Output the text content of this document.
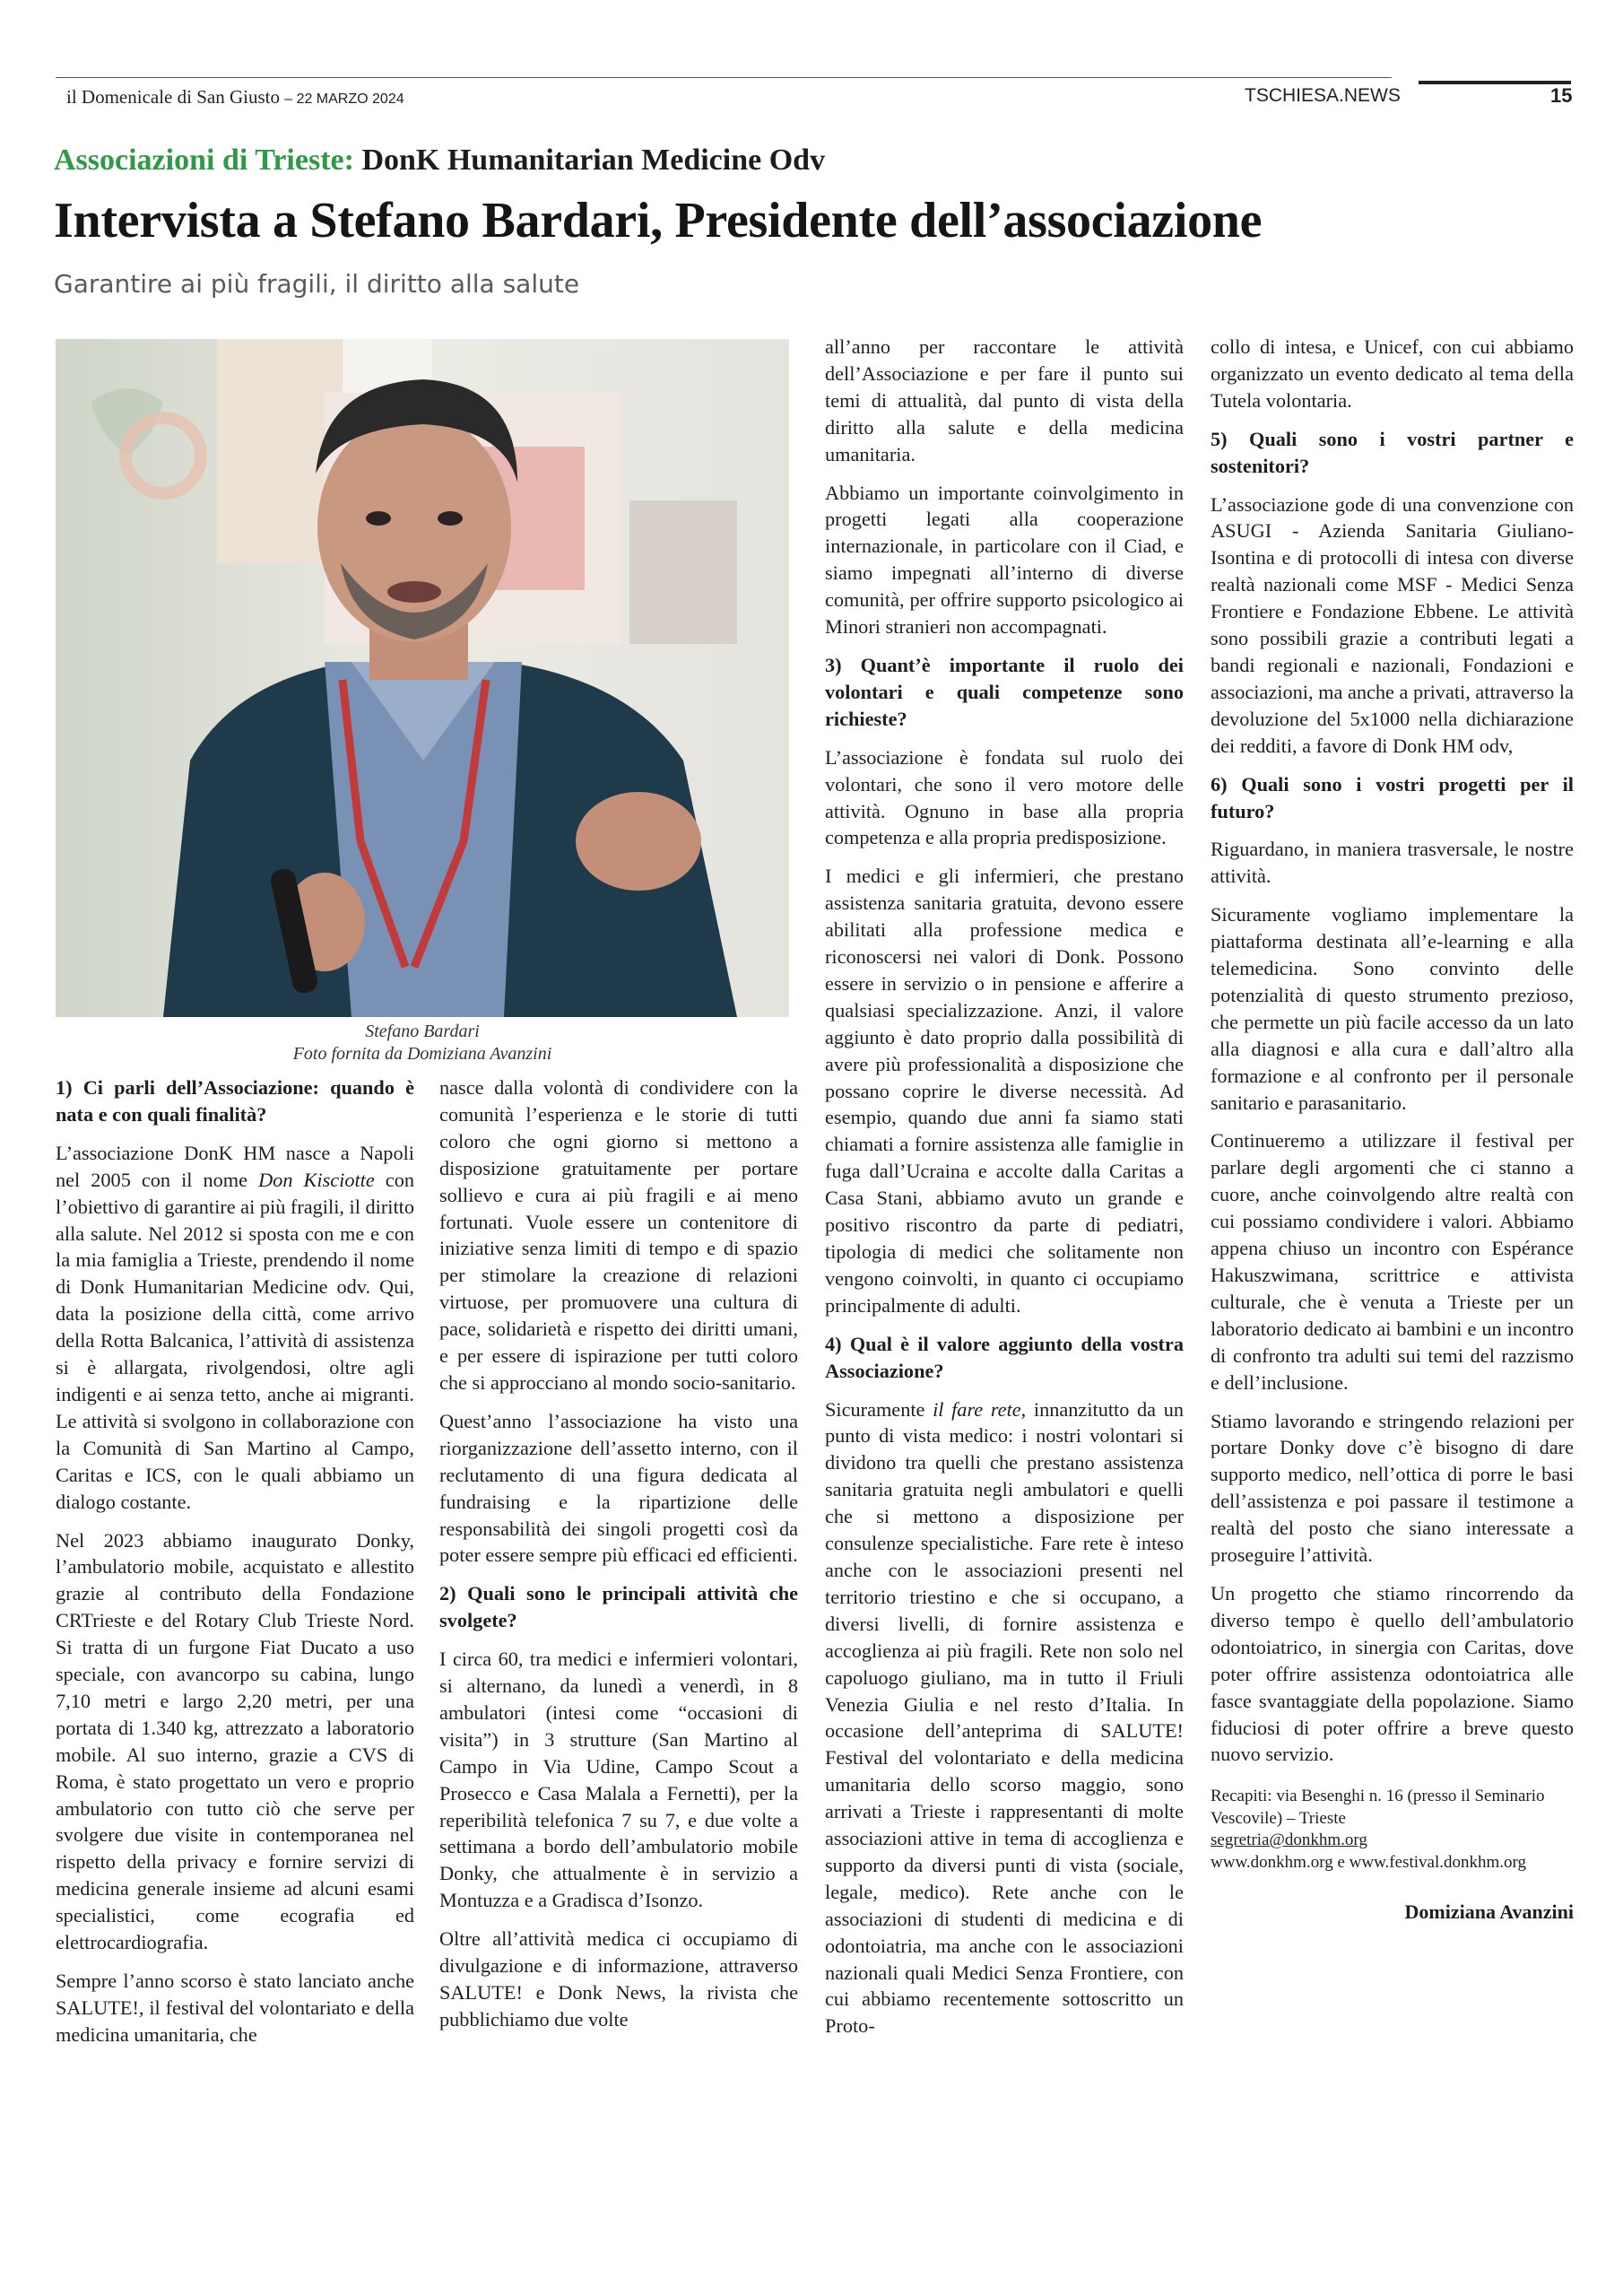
il Domenicale di San Giusto – 22 MARZO 2024	TSCHIESA.NEWS	15
Associazioni di Trieste: DonK Humanitarian Medicine Odv
Intervista a Stefano Bardari, Presidente dell’associazione
Garantire ai più fragili, il diritto alla salute
Stefano Bardari
Foto fornita da Domiziana Avanzini

1) Ci parli dell’Associazione: quando è nata e con quali finalità?

L’associazione DonK HM nasce a Napoli nel 2005 con il nome Don Kisciotte con l’obiettivo di garantire ai più fragili, il diritto alla salute. Nel 2012 si sposta con me e con la mia famiglia a Trieste, prendendo il nome di Donk Humanitarian Medicine odv. Qui, data la posizione della città, come arrivo della Rotta Balcanica, l’attività di assistenza si è allargata, rivolgendosi, oltre agli indigenti e ai senza tetto, anche ai migranti. Le attività si svolgono in collaborazione con la Comunità di San Martino al Campo, Caritas e ICS, con le quali abbiamo un dialogo costante.

Nel 2023 abbiamo inaugurato Donky, l’ambulatorio mobile, acquistato e allestito grazie al contributo della Fondazione CRTrieste e del Rotary Club Trieste Nord. Si tratta di un furgone Fiat Ducato a uso speciale, con avancorpo su cabina, lungo 7,10 metri e largo 2,20 metri, per una portata di 1.340 kg, attrezzato a laboratorio mobile. Al suo interno, grazie a CVS di Roma, è stato progettato un vero e proprio ambulatorio con tutto ciò che serve per svolgere due visite in contemporanea nel rispetto della privacy e fornire servizi di medicina generale insieme ad alcuni esami specialistici, come ecografia ed elettrocardiografia.

Sempre l’anno scorso è stato lanciato anche SALUTE!, il festival del volontariato e della medicina umanitaria, che

nasce dalla volontà di condividere con la comunità l’esperienza e le storie di tutti coloro che ogni giorno si mettono a disposizione gratuitamente per portare sollievo e cura ai più fragili e ai meno fortunati. Vuole essere un contenitore di iniziative senza limiti di tempo e di spazio per stimolare la creazione di relazioni virtuose, per promuovere una cultura di pace, solidarietà e rispetto dei diritti umani, e per essere di ispirazione per tutti coloro che si approcciano al mondo socio-sanitario.

Quest’anno l’associazione ha visto una riorganizzazione dell’assetto interno, con il reclutamento di una figura dedicata al fundraising e la ripartizione delle responsabilità dei singoli progetti così da poter essere sempre più efficaci ed efficienti.

2) Quali sono le principali attività che svolgete?

I circa 60, tra medici e infermieri volontari, si alternano, da lunedì a venerdì, in 8 ambulatori (intesi come “occasioni di visita”) in 3 strutture (San Martino al Campo in Via Udine, Campo Scout a Prosecco e Casa Malala a Fernetti), per la reperibilità telefonica 7 su 7, e due volte a settimana a bordo dell’ambulatorio mobile Donky, che attualmente è in servizio a Montuzza e a Gradisca d’Isonzo.

Oltre all’attività medica ci occupiamo di divulgazione e di informazione, attraverso SALUTE! e Donk News, la rivista che pubblichiamo due volte

all’anno per raccontare le attività dell’Associazione e per fare il punto sui temi di attualità, dal punto di vista della diritto alla salute e della medicina umanitaria.

Abbiamo un importante coinvolgimento in progetti legati alla cooperazione internazionale, in particolare con il Ciad, e siamo impegnati all’interno di diverse comunità, per offrire supporto psicologico ai Minori stranieri non accompagnati.

3) Quant’è importante il ruolo dei volontari e quali competenze sono richieste?

L’associazione è fondata sul ruolo dei volontari, che sono il vero motore delle attività. Ognuno in base alla propria competenza e alla propria predisposizione.

I medici e gli infermieri, che prestano assistenza sanitaria gratuita, devono essere abilitati alla professione medica e riconoscersi nei valori di Donk. Possono essere in servizio o in pensione e afferire a qualsiasi specializzazione. Anzi, il valore aggiunto è dato proprio dalla possibilità di avere più professionalità a disposizione che possano coprire le diverse necessità. Ad esempio, quando due anni fa siamo stati chiamati a fornire assistenza alle famiglie in fuga dall’Ucraina e accolte dalla Caritas a Casa Stani, abbiamo avuto un grande e positivo riscontro da parte di pediatri, tipologia di medici che solitamente non vengono coinvolti, in quanto ci occupiamo principalmente di adulti.

4) Qual è il valore aggiunto della vostra Associazione?

Sicuramente il fare rete, innanzitutto da un punto di vista medico: i nostri volontari si dividono tra quelli che prestano assistenza sanitaria gratuita negli ambulatori e quelli che si mettono a disposizione per consulenze specialistiche. Fare rete è inteso anche con le associazioni presenti nel territorio triestino e che si occupano, a diversi livelli, di fornire assistenza e accoglienza ai più fragili. Rete non solo nel capoluogo giuliano, ma in tutto il Friuli Venezia Giulia e nel resto d’Italia. In occasione dell’anteprima di SALUTE! Festival del volontariato e della medicina umanitaria dello scorso maggio, sono arrivati a Trieste i rappresentanti di molte associazioni attive in tema di accoglienza e supporto da diversi punti di vista (sociale, legale, medico). Rete anche con le associazioni di studenti di medicina e di odontoiatria, ma anche con le associazioni nazionali quali Medici Senza Frontiere, con cui abbiamo recentemente sottoscritto un Proto-

collo di intesa, e Unicef, con cui abbiamo organizzato un evento dedicato al tema della Tutela volontaria.

5) Quali sono i vostri partner e sostenitori?

L’associazione gode di una convenzione con ASUGI - Azienda Sanitaria Giuliano-Isontina e di protocolli di intesa con diverse realtà nazionali come MSF - Medici Senza Frontiere e Fondazione Ebbene. Le attività sono possibili grazie a contributi legati a bandi regionali e nazionali, Fondazioni e associazioni, ma anche a privati, attraverso la devoluzione del 5x1000 nella dichiarazione dei redditi, a favore di Donk HM odv,

6) Quali sono i vostri progetti per il futuro?

Riguardano, in maniera trasversale, le nostre attività.

Sicuramente vogliamo implementare la piattaforma destinata all’e-learning e alla telemedicina. Sono convinto delle potenzialità di questo strumento prezioso, che permette un più facile accesso da un lato alla diagnosi e alla cura e dall’altro alla formazione e al confronto per il personale sanitario e parasanitario.

Continueremo a utilizzare il festival per parlare degli argomenti che ci stanno a cuore, anche coinvolgendo altre realtà con cui possiamo condividere i valori. Abbiamo appena chiuso un incontro con Espérance Hakuszwimana, scrittrice e attivista culturale, che è venuta a Trieste per un laboratorio dedicato ai bambini e un incontro di confronto tra adulti sui temi del razzismo e dell’inclusione.

Stiamo lavorando e stringendo relazioni per portare Donky dove c’è bisogno di dare supporto medico, nell’ottica di porre le basi dell’assistenza e poi passare il testimone a realtà del posto che siano interessate a proseguire l’attività.

Un progetto che stiamo rincorrendo da diverso tempo è quello dell’ambulatorio odontoiatrico, in sinergia con Caritas, dove poter offrire assistenza odontoiatrica alle fasce svantaggiate della popolazione. Siamo fiduciosi di poter offrire a breve questo nuovo servizio.

Recapiti: via Besenghi n. 16 (presso il Seminario Vescovile) – Trieste
segretria@donkhm.org
www.donkhm.org e www.festival.donkhm.org

Domiziana Avanzini
